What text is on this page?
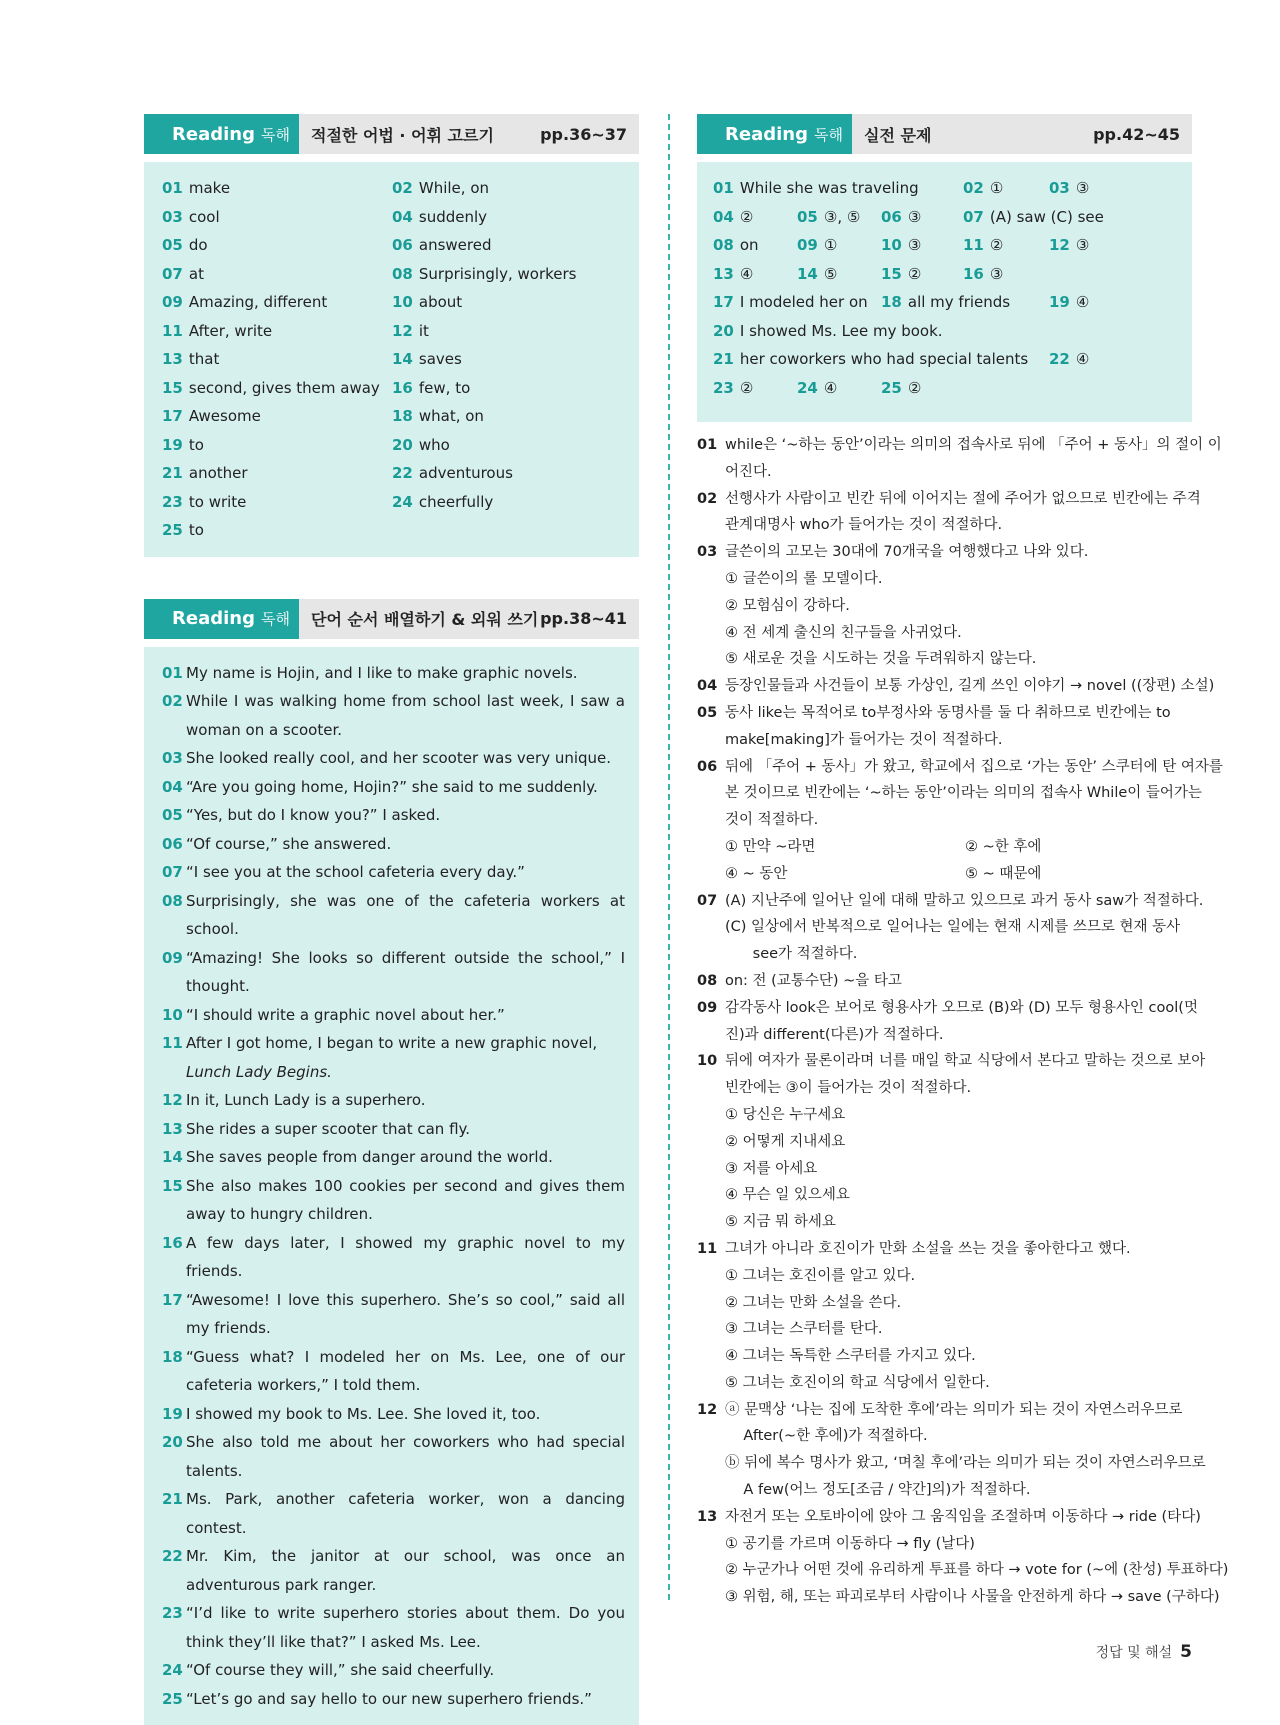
Reading 독해	적절한 어법 · 어휘 고르기	pp.36~37
01 make	02 While, on
03 cool	04 suddenly
05 do	06 answered
07 at	08 Surprisingly, workers
09 Amazing, different	10 about
11 After, write	12 it
13 that	14 saves
15 second, gives them away 16 few, to
17 Awesome	18 what, on
19 to	20 who
21 another	22 adventurous
23 to write	24 cheerfully
25 to
Reading 독해	단어 순서 배열하기 & 외워 쓰기 pp.38~41
01 My name is Hojin, and I like to make graphic novels.
02 While I was walking home from school last week, I saw a woman on a scooter.
03 She looked really cool, and her scooter was very unique.
04 “Are you going home, Hojin?” she said to me suddenly.
05 “Yes, but do I know you?” I asked.
06 “Of course,” she answered.
07 “I see you at the school cafeteria every day.”
08 Surprisingly, she was one of the cafeteria workers at school.
09 “Amazing! She looks so different outside the school,” I thought.
10 “I should write a graphic novel about her.”
11 After I got home, I began to write a new graphic novel,
Lunch Lady Begins.
12 In it, Lunch Lady is a superhero.
13 She rides a super scooter that can fly.
14 She saves people from danger around the world.
15 She also makes 100 cookies per second and gives them away to hungry children.
16 A few days later, I showed my graphic novel to my friends.
17 “Awesome! I love this superhero. She’s so cool,” said all my friends.
18 “Guess what? I modeled her on Ms. Lee, one of our cafeteria workers,” I told them.
19 I showed my book to Ms. Lee. She loved it, too.
20 She also told me about her coworkers who had special talents.
21 Ms. Park, another cafeteria worker, won a dancing contest.
22 Mr. Kim, the janitor at our school, was once an adventurous park ranger.
23 “I’d like to write superhero stories about them. Do you think they’ll like that?” I asked Ms. Lee.
24 “Of course they will,” she said cheerfully.
25 “Let’s go and say hello to our new superhero friends.”
Reading 독해	실전 문제	pp.42~45
01 While she was traveling	02 ①	03 ③
04 ②	05 ③, ⑤ 06 ③	07 (A) saw (C) see
08 on	09 ①	10 ③	11 ②	12 ③
13 ④	14 ⑤	15 ②	16 ③
17 I modeled her on 18 all my friends	19 ④
20 I showed Ms. Lee my book.
21 her coworkers who had special talents 22 ④
23 ②	24 ④	25 ②
01 while은 ‘~하는 동안’이라는 의미의 접속사로 뒤에 「주어 + 동사」의 절이 이
어진다.
02 선행사가 사람이고 빈칸 뒤에 이어지는 절에 주어가 없으므로 빈칸에는 주격
관계대명사 who가 들어가는 것이 적절하다.
03 글쓴이의 고모는 30대에 70개국을 여행했다고 나와 있다.
① 글쓴이의 롤 모델이다.
② 모험심이 강하다.
④ 전 세계 출신의 친구들을 사귀었다.
⑤ 새로운 것을 시도하는 것을 두려워하지 않는다.
04 등장인물들과 사건들이 보통 가상인, 길게 쓰인 이야기 → novel ((장편) 소설)
05 동사 like는 목적어로 to부정사와 동명사를 둘 다 취하므로 빈칸에는 to
make[making]가 들어가는 것이 적절하다.
06 뒤에 「주어 + 동사」가 왔고, 학교에서 집으로 ‘가는 동안’ 스쿠터에 탄 여자를
본 것이므로 빈칸에는 ‘~하는 동안’이라는 의미의 접속사 While이 들어가는
것이 적절하다.
① 만약 ~라면	② ~한 후에
④ ~ 동안	⑤ ~ 때문에
07 (A) 지난주에 일어난 일에 대해 말하고 있으므로 과거 동사 saw가 적절하다.
(C) 일상에서 반복적으로 일어나는 일에는 현재 시제를 쓰므로 현재 동사
see가 적절하다.
08 on: 전 (교통수단) ~을 타고
09 감각동사 look은 보어로 형용사가 오므로 (B)와 (D) 모두 형용사인 cool(멋
진)과 different(다른)가 적절하다.
10 뒤에 여자가 물론이라며 너를 매일 학교 식당에서 본다고 말하는 것으로 보아
빈칸에는 ③이 들어가는 것이 적절하다.
① 당신은 누구세요
② 어떻게 지내세요
③ 저를 아세요
④ 무슨 일 있으세요
⑤ 지금 뭐 하세요
11 그녀가 아니라 호진이가 만화 소설을 쓰는 것을 좋아한다고 했다.
① 그녀는 호진이를 알고 있다.
② 그녀는 만화 소설을 쓴다.
③ 그녀는 스쿠터를 탄다.
④ 그녀는 독특한 스쿠터를 가지고 있다.
⑤ 그녀는 호진이의 학교 식당에서 일한다.
12 ⓐ 문맥상 ‘나는 집에 도착한 후에’라는 의미가 되는 것이 자연스러우므로
After(~한 후에)가 적절하다.
ⓑ 뒤에 복수 명사가 왔고, ‘며칠 후에’라는 의미가 되는 것이 자연스러우므로
A few(어느 정도[조금 / 약간]의)가 적절하다.
13 자전거 또는 오토바이에 앉아 그 움직임을 조절하며 이동하다 → ride (타다)
① 공기를 가르며 이동하다 → fly (날다)
② 누군가나 어떤 것에 유리하게 투표를 하다 → vote for (~에 (찬성) 투표하다)
③ 위험, 해, 또는 파괴로부터 사람이나 사물을 안전하게 하다 → save (구하다)
정답 및 해설 5
